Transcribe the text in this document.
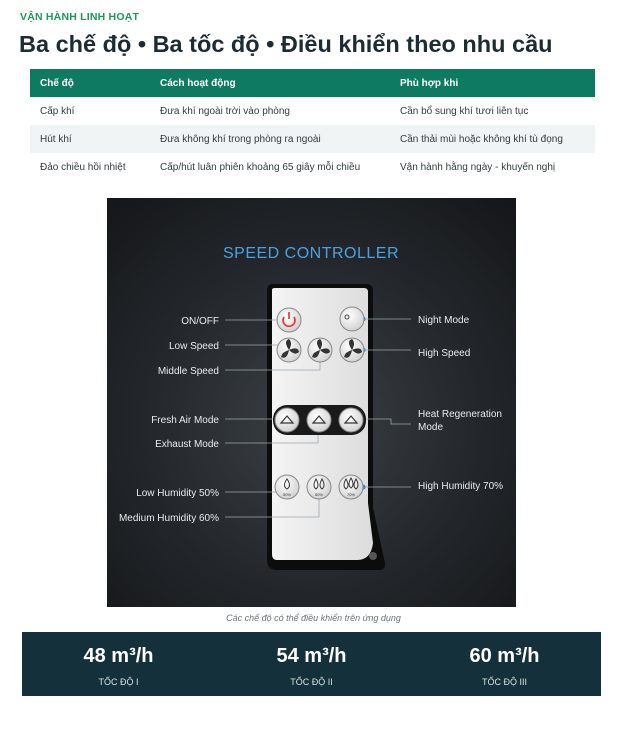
VẬN HÀNH LINH HOẠT
Ba chế độ • Ba tốc độ • Điều khiển theo nhu cầu
Chế độ	Cách hoạt động	Phù hợp khi
Cấp khí	Đưa khí ngoài trời vào phòng	Cần bổ sung khí tươi liên tục
Hút khí	Đưa không khí trong phòng ra ngoài	Cần thải mùi hoặc không khí tù đọng
Đảo chiều hồi nhiệt	Cấp/hút luân phiên khoảng 65 giây mỗi chiều	Vận hành hằng ngày - khuyến nghị
SPEED CONTROLLER
50%	60%	70%
ON/OFF
Low Speed
Middle Speed
Fresh Air Mode
Exhaust Mode
Low Humidity 50%
Medium Humidity 60%
Night Mode
High Speed
Heat Regeneration
Mode
High Humidity 70%
Các chế độ có thể điều khiển trên ứng dụng
48 m³/h
TỐC ĐỘ I
54 m³/h
TỐC ĐỘ II
60 m³/h
TỐC ĐỘ III
